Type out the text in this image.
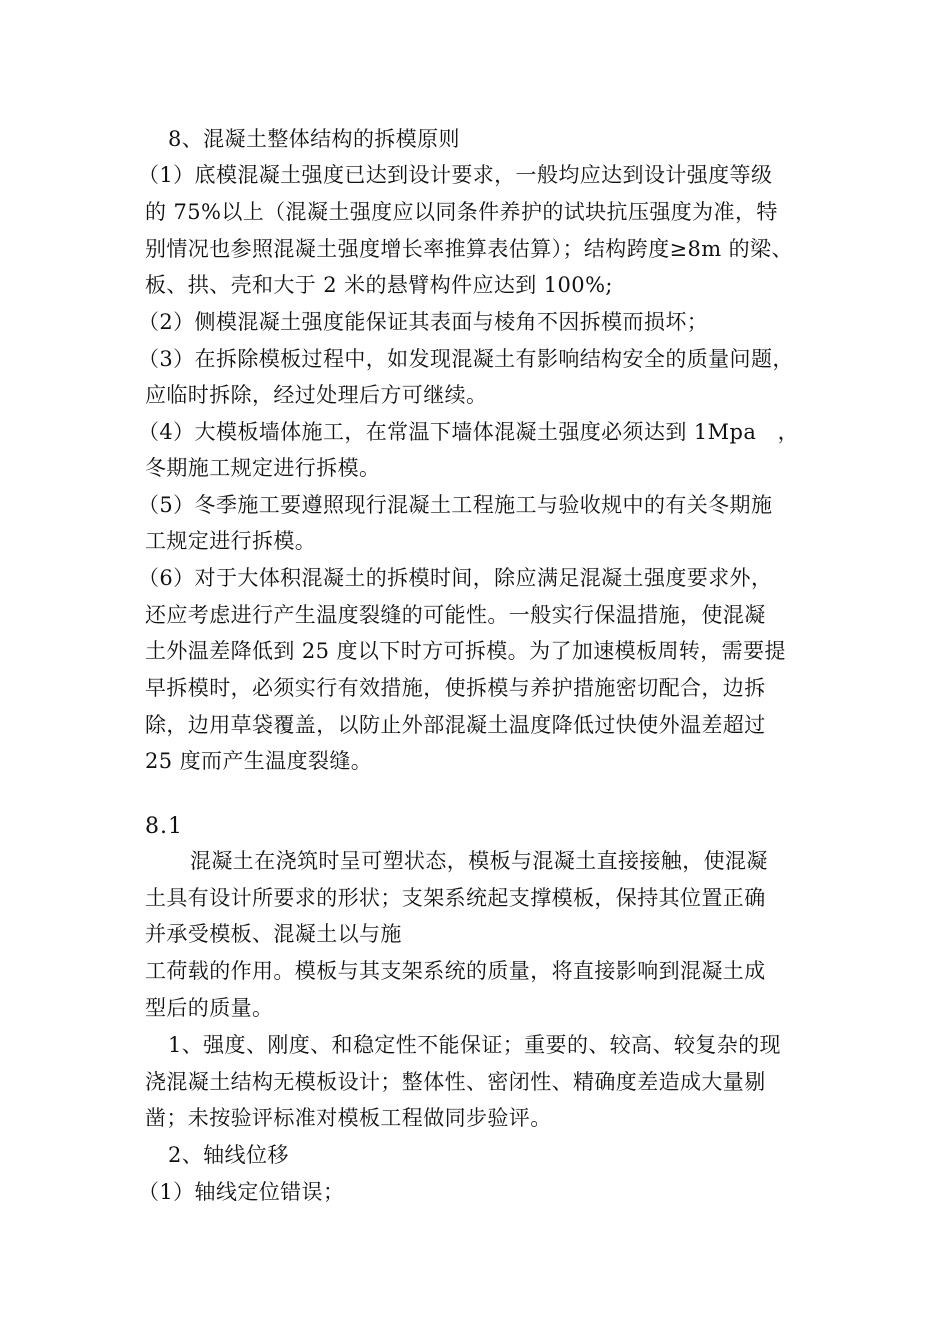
8、混凝土整体结构的拆模原则
（1）底模混凝土强度已达到设计要求，一般均应达到设计强度等级
的 75%以上（混凝土强度应以同条件养护的试块抗压强度为准，特
别情况也参照混凝土强度增长率推算表估算）；结构跨度≥8m 的梁、
板、拱、壳和大于 2 米的悬臂构件应达到 100%;
（2）侧模混凝土强度能保证其表面与棱角不因拆模而损坏；
（3）在拆除模板过程中，如发现混凝土有影响结构安全的质量问题，
应临时拆除，经过处理后方可继续。
（4）大模板墙体施工，在常温下墙体混凝土强度必须达到 1Mpa　，
冬期施工规定进行拆模。
（5）冬季施工要遵照现行混凝土工程施工与验收规中的有关冬期施
工规定进行拆模。
（6）对于大体积混凝土的拆模时间，除应满足混凝土强度要求外，
还应考虑进行产生温度裂缝的可能性。一般实行保温措施，使混凝
土外温差降低到 25 度以下时方可拆模。为了加速模板周转，需要提
早拆模时，必须实行有效措施，使拆模与养护措施密切配合，边拆
除，边用草袋覆盖，以防止外部混凝土温度降低过快使外温差超过
25 度而产生温度裂缝。
8.1
混凝土在浇筑时呈可塑状态，模板与混凝土直接接触，使混凝
土具有设计所要求的形状；支架系统起支撑模板，保持其位置正确
并承受模板、混凝土以与施
工荷载的作用。模板与其支架系统的质量，将直接影响到混凝土成
型后的质量。
1、强度、刚度、和稳定性不能保证；重要的、较高、较复杂的现
浇混凝土结构无模板设计；整体性、密闭性、精确度差造成大量剔
凿；未按验评标准对模板工程做同步验评。
2、轴线位移
（1）轴线定位错误；
